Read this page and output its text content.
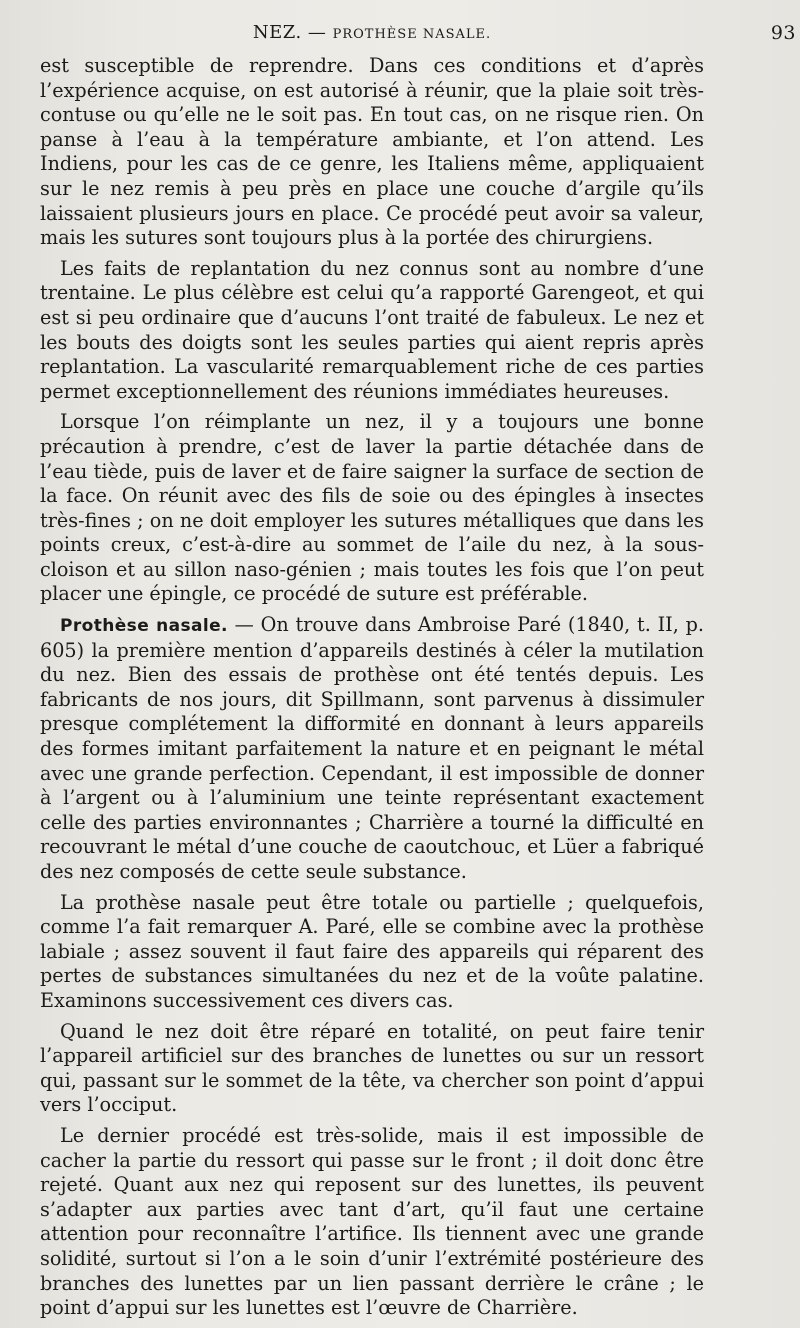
NEZ. — PROTHÈSE NASALE.	93

est susceptible de reprendre. Dans ces conditions et d’après l’expérience acquise, on est autorisé à réunir, que la plaie soit très-contuse ou qu’elle ne le soit pas. En tout cas, on ne risque rien. On panse à l’eau à la température ambiante, et l’on attend. Les Indiens, pour les cas de ce genre, les Italiens même, appliquaient sur le nez remis à peu près en place une couche d’argile qu’ils laissaient plusieurs jours en place. Ce procédé peut avoir sa valeur, mais les sutures sont toujours plus à la portée des chirurgiens.

Les faits de replantation du nez connus sont au nombre d’une trentaine. Le plus célèbre est celui qu’a rapporté Garengeot, et qui est si peu ordinaire que d’aucuns l’ont traité de fabuleux. Le nez et les bouts des doigts sont les seules parties qui aient repris après replantation. La vascularité remarquablement riche de ces parties permet exceptionnellement des réunions immédiates heureuses.

Lorsque l’on réimplante un nez, il y a toujours une bonne précaution à prendre, c’est de laver la partie détachée dans de l’eau tiède, puis de laver et de faire saigner la surface de section de la face. On réunit avec des fils de soie ou des épingles à insectes très-fines ; on ne doit employer les sutures métalliques que dans les points creux, c’est-à-dire au sommet de l’aile du nez, à la sous-cloison et au sillon naso-génien ; mais toutes les fois que l’on peut placer une épingle, ce procédé de suture est préférable.

Prothèse nasale. — On trouve dans Ambroise Paré (1840, t. II, p. 605) la première mention d’appareils destinés à céler la mutilation du nez. Bien des essais de prothèse ont été tentés depuis. Les fabricants de nos jours, dit Spillmann, sont parvenus à dissimuler presque complétement la difformité en donnant à leurs appareils des formes imitant parfaitement la nature et en peignant le métal avec une grande perfection. Cependant, il est impossible de donner à l’argent ou à l’aluminium une teinte représentant exactement celle des parties environnantes ; Charrière a tourné la difficulté en recouvrant le métal d’une couche de caoutchouc, et Lüer a fabriqué des nez composés de cette seule substance.

La prothèse nasale peut être totale ou partielle ; quelquefois, comme l’a fait remarquer A. Paré, elle se combine avec la prothèse labiale ; assez souvent il faut faire des appareils qui réparent des pertes de substances simultanées du nez et de la voûte palatine. Examinons successivement ces divers cas.

Quand le nez doit être réparé en totalité, on peut faire tenir l’appareil artificiel sur des branches de lunettes ou sur un ressort qui, passant sur le sommet de la tête, va chercher son point d’appui vers l’occiput.

Le dernier procédé est très-solide, mais il est impossible de cacher la partie du ressort qui passe sur le front ; il doit donc être rejeté. Quant aux nez qui reposent sur des lunettes, ils peuvent s’adapter aux parties avec tant d’art, qu’il faut une certaine attention pour reconnaître l’artifice. Ils tiennent avec une grande solidité, surtout si l’on a le soin d’unir l’extrémité postérieure des branches des lunettes par un lien passant derrière le crâne ; le point d’appui sur les lunettes est l’œuvre de Charrière.
